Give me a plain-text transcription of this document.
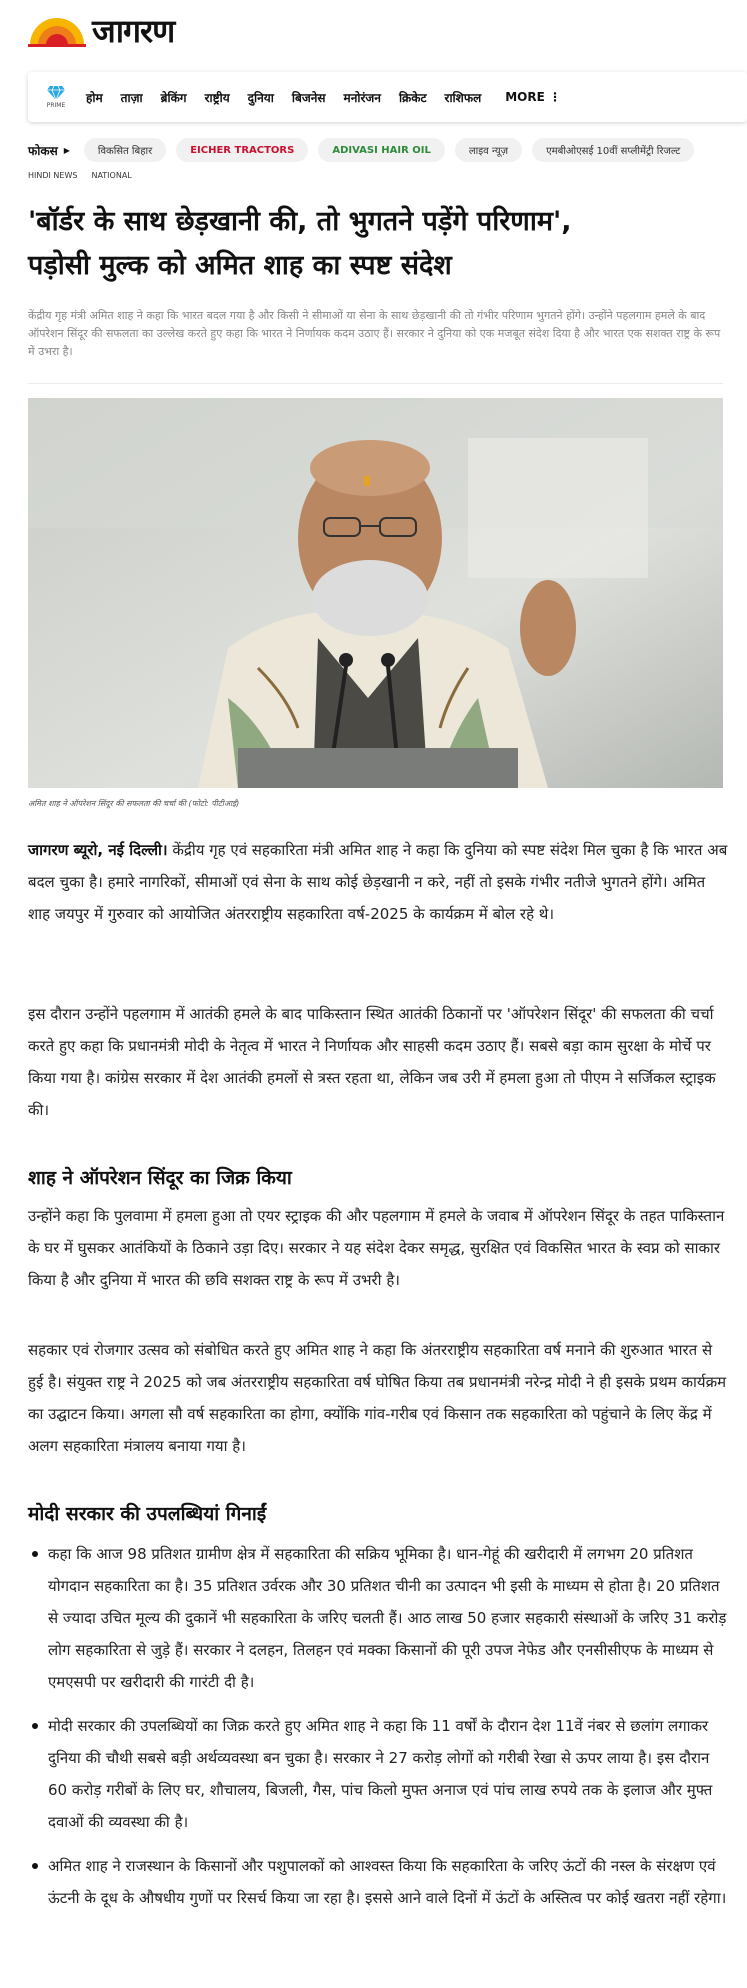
जागरण
PRIME
होम ताज़ा ब्रेकिंग राष्ट्रीय दुनिया बिजनेस मनोरंजन क्रिकेट राशिफल MORE ⋮
फोकस ▶	विकसित बिहार	EICHER TRACTORS	ADIVASI HAIR OIL	लाइव न्यूज़	एमबीओएसई 10वीं सप्लीमेंट्री रिजल्ट
HINDI NEWS NATIONAL
'बॉर्डर के साथ छेड़खानी की, तो भुगतने पड़ेंगे परिणाम',
पड़ोसी मुल्क को अमित शाह का स्पष्ट संदेश

केंद्रीय गृह मंत्री अमित शाह ने कहा कि भारत बदल गया है और किसी ने सीमाओं या सेना के साथ छेड़खानी की तो गंभीर परिणाम भुगतने होंगे। उन्होंने पहलगाम हमले के बाद ऑपरेशन सिंदूर की सफलता का उल्लेख करते हुए कहा कि भारत ने निर्णायक कदम उठाए हैं। सरकार ने दुनिया को एक मजबूत संदेश दिया है और भारत एक सशक्त राष्ट्र के रूप में उभरा है।

अमित शाह ने ऑपरेशन सिंदूर की सफलता की चर्चा की (फोटो: पीटीआई)

जागरण ब्यूरो, नई दिल्ली। केंद्रीय गृह एवं सहकारिता मंत्री अमित शाह ने कहा कि दुनिया को स्पष्ट संदेश मिल चुका है कि भारत अब बदल चुका है। हमारे नागरिकों, सीमाओं एवं सेना के साथ कोई छेड़खानी न करे, नहीं तो इसके गंभीर नतीजे भुगतने होंगे। अमित शाह जयपुर में गुरुवार को आयोजित अंतरराष्ट्रीय सहकारिता वर्ष-2025 के कार्यक्रम में बोल रहे थे।

इस दौरान उन्होंने पहलगाम में आतंकी हमले के बाद पाकिस्तान स्थित आतंकी ठिकानों पर 'ऑपरेशन सिंदूर' की सफलता की चर्चा करते हुए कहा कि प्रधानमंत्री मोदी के नेतृत्व में भारत ने निर्णायक और साहसी कदम उठाए हैं। सबसे बड़ा काम सुरक्षा के मोर्चे पर किया गया है। कांग्रेस सरकार में देश आतंकी हमलों से त्रस्त रहता था, लेकिन जब उरी में हमला हुआ तो पीएम ने सर्जिकल स्ट्राइक की।

शाह ने ऑपरेशन सिंदूर का जिक्र किया

उन्होंने कहा कि पुलवामा में हमला हुआ तो एयर स्ट्राइक की और पहलगाम में हमले के जवाब में ऑपरेशन सिंदूर के तहत पाकिस्तान के घर में घुसकर आतंकियों के ठिकाने उड़ा दिए। सरकार ने यह संदेश देकर समृद्ध, सुरक्षित एवं विकसित भारत के स्वप्न को साकार किया है और दुनिया में भारत की छवि सशक्त राष्ट्र के रूप में उभरी है।

सहकार एवं रोजगार उत्सव को संबोधित करते हुए अमित शाह ने कहा कि अंतरराष्ट्रीय सहकारिता वर्ष मनाने की शुरुआत भारत से हुई है। संयुक्त राष्ट्र ने 2025 को जब अंतरराष्ट्रीय सहकारिता वर्ष घोषित किया तब प्रधानमंत्री नरेन्द्र मोदी ने ही इसके प्रथम कार्यक्रम का उद्घाटन किया। अगला सौ वर्ष सहकारिता का होगा, क्योंकि गांव-गरीब एवं किसान तक सहकारिता को पहुंचाने के लिए केंद्र में अलग सहकारिता मंत्रालय बनाया गया है।

मोदी सरकार की उपलब्धियां गिनाईं
कहा कि आज 98 प्रतिशत ग्रामीण क्षेत्र में सहकारिता की सक्रिय भूमिका है। धान-गेहूं की खरीदारी में लगभग 20 प्रतिशत योगदान सहकारिता का है। 35 प्रतिशत उर्वरक और 30 प्रतिशत चीनी का उत्पादन भी इसी के माध्यम से होता है। 20 प्रतिशत से ज्यादा उचित मूल्य की दुकानें भी सहकारिता के जरिए चलती हैं। आठ लाख 50 हजार सहकारी संस्थाओं के जरिए 31 करोड़ लोग सहकारिता से जुड़े हैं। सरकार ने दलहन, तिलहन एवं मक्का किसानों की पूरी उपज नेफेड और एनसीसीएफ के माध्यम से एमएसपी पर खरीदारी की गारंटी दी है।
मोदी सरकार की उपलब्धियों का जिक्र करते हुए अमित शाह ने कहा कि 11 वर्षों के दौरान देश 11वें नंबर से छलांग लगाकर दुनिया की चौथी सबसे बड़ी अर्थव्यवस्था बन चुका है। सरकार ने 27 करोड़ लोगों को गरीबी रेखा से ऊपर लाया है। इस दौरान 60 करोड़ गरीबों के लिए घर, शौचालय, बिजली, गैस, पांच किलो मुफ्त अनाज एवं पांच लाख रुपये तक के इलाज और मुफ्त दवाओं की व्यवस्था की है।
अमित शाह ने राजस्थान के किसानों और पशुपालकों को आश्वस्त किया कि सहकारिता के जरिए ऊंटों की नस्ल के संरक्षण एवं ऊंटनी के दूध के औषधीय गुणों पर रिसर्च किया जा रहा है। इससे आने वाले दिनों में ऊंटों के अस्तित्व पर कोई खतरा नहीं रहेगा।
